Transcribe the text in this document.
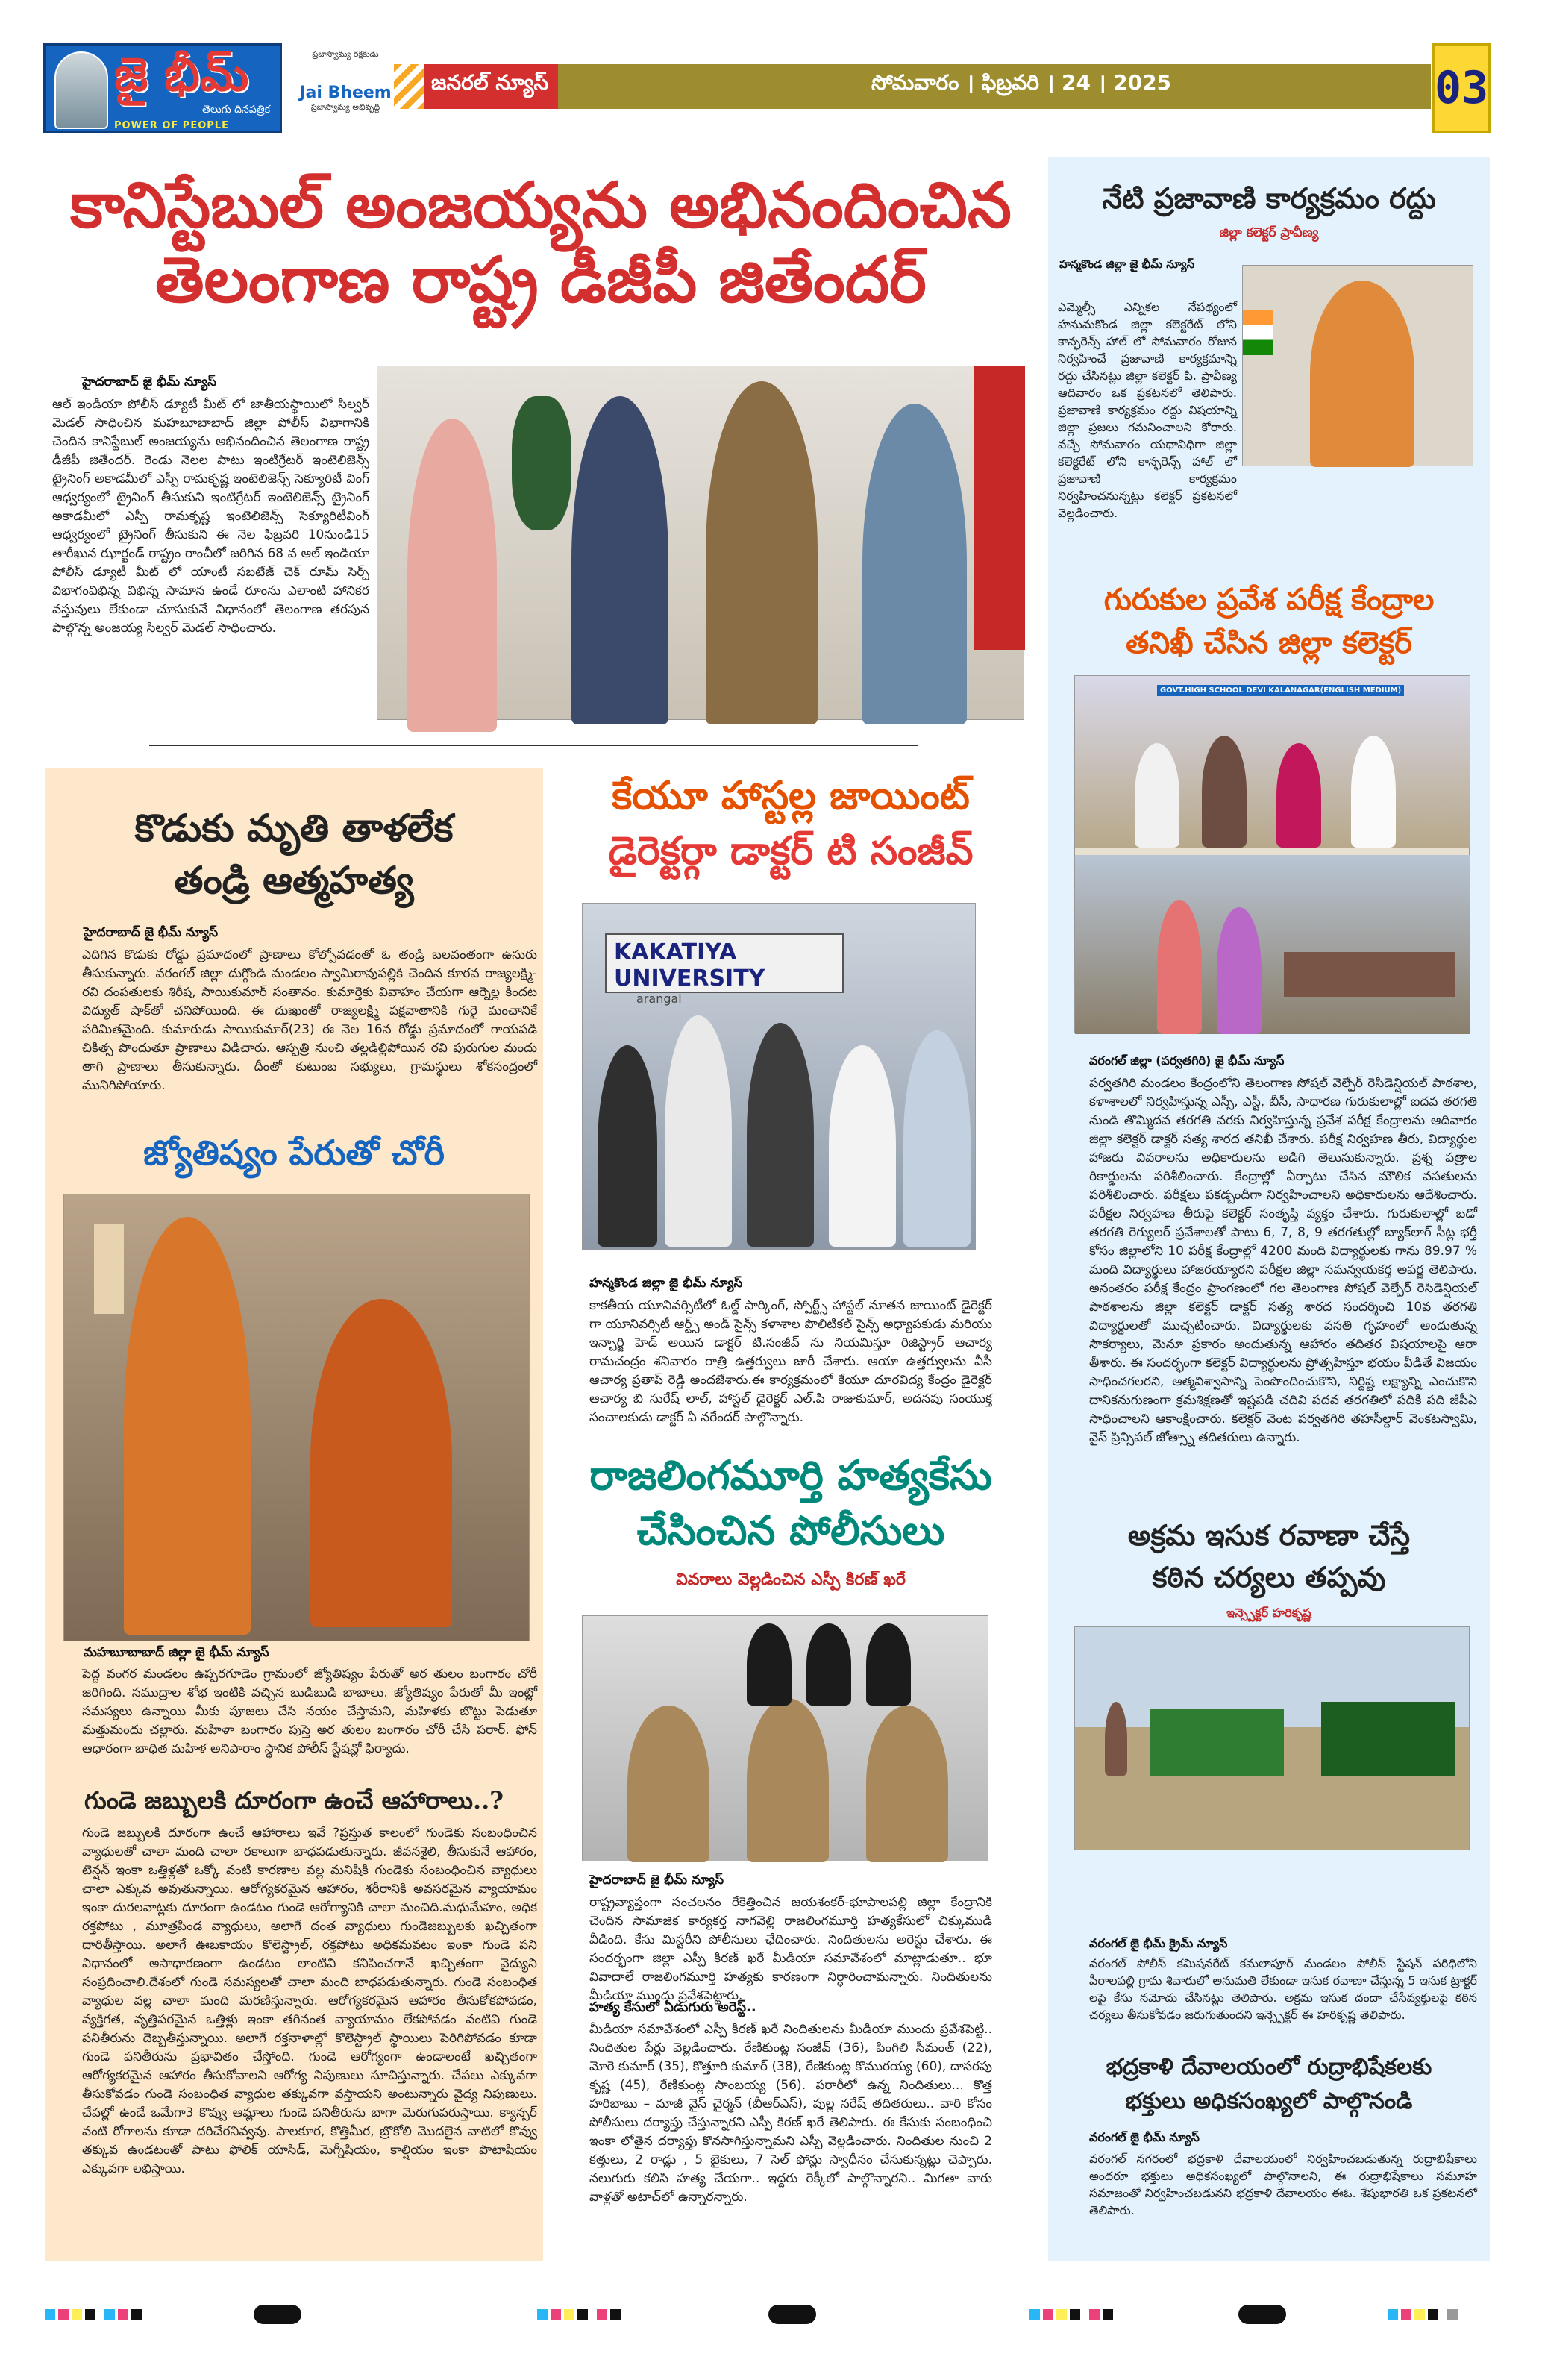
జై భీమ్
తెలుగు దినపత్రిక
POWER OF PEOPLE
ప్రజాస్వామ్య రక్షకుడు
Jai Bheem
ప్రజాస్వామ్య అభివృద్ధి
జనరల్ న్యూస్	సోమవారం । ఫిబ్రవరి । 24 । 2025	03
కానిస్టేబుల్ అంజయ్యను అభినందించిన
తెలంగాణ రాష్ట్ర డీజీపీ జితేందర్
హైదరాబాద్ జై భీమ్ న్యూస్
ఆల్ ఇండియా పోలీస్ డ్యూటీ మీట్ లో జాతీయస్థాయిలో సిల్వర్ మెడల్ సాధించిన మహబూబాబాద్ జిల్లా పోలీస్ విభాగానికి చెందిన కానిస్టేబుల్ అంజయ్యను అభినందించిన తెలంగాణ రాష్ట్ర డీజీపీ జితేందర్. రెండు నెలల పాటు ఇంటిగ్రేటర్ ఇంటెలిజెన్స్ ట్రైనింగ్ అకాడమీలో ఎస్పీ రామకృష్ణ ఇంటెలిజెన్స్ సెక్యూరిటీ వింగ్ ఆధ్వర్యంలో ట్రైనింగ్ తీసుకుని ఇంటిగ్రేటర్ ఇంటెలిజెన్స్ ట్రైనింగ్ అకాడమీలో ఎస్పీ రామకృష్ణ ఇంటెలిజెన్స్ సెక్యూరిటీవింగ్ ఆధ్వర్యంలో ట్రైనింగ్ తీసుకుని ఈ నెల ఫిబ్రవరి 10నుండి15 తారీఖున ఝార్ఖండ్ రాష్ట్రం రాంచీలో జరిగిన 68 వ ఆల్ ఇండియా పోలీస్ డ్యూటీ మీట్ లో యాంటీ సబటేజ్ చెక్ రూమ్ సెర్చ్ విభాగంవిభిన్న విభిన్న సామాన ఉండే రూంను ఎలాంటి హానికర వస్తువులు లేకుండా చూసుకునే విధానంలో తెలంగాణ తరపున పాల్గొన్న అంజయ్య సిల్వర్ మెడల్ సాధించారు.
కొడుకు మృతి తాళలేక
తండ్రి ఆత్మహత్య
హైదరాబాద్ జై భీమ్ న్యూస్
ఎదిగిన కొడుకు రోడ్డు ప్రమాదంలో ప్రాణాలు కోల్పోవడంతో ఓ తండ్రి బలవంతంగా ఉసురు తీసుకున్నారు. వరంగల్ జిల్లా దుగ్గొండి మండలం స్వామిరావుపల్లికి చెందిన కూరవ రాజ్యలక్ష్మి-రవి దంపతులకు శిరీష, సాయికుమార్ సంతానం. కుమార్తెకు వివాహం చేయగా ఆర్నెల్ల కిందట విద్యుత్ షాక్‌తో చనిపోయింది. ఈ దుఃఖంతో రాజ్యలక్ష్మి పక్షవాతానికి గురై మంచానికే పరిమితమైంది. కుమారుడు సాయికుమార్(23) ఈ నెల 16న రోడ్డు ప్రమాదంలో గాయపడి చికిత్స పొందుతూ ప్రాణాలు విడిచారు. ఆస్పత్రి నుంచి తల్లడిల్లిపోయిన రవి పురుగుల మందు తాగి ప్రాణాలు తీసుకున్నారు. దీంతో కుటుంబ సభ్యులు, గ్రామస్థులు శోకసంద్రంలో మునిగిపోయారు.
జ్యోతిష్యం పేరుతో చోరీ
మహబూబాబాద్ జిల్లా జై భీమ్ న్యూస్
పెద్ద వంగర మండలం ఉప్పరగూడెం గ్రామంలో జ్యోతిష్యం పేరుతో అర తులం బంగారం చోరీ జరిగింది. సముద్రాల శోభ ఇంటికి వచ్చిన బుడిబుడి బాబాలు. జ్యోతిష్యం పేరుతో మీ ఇంట్లో సమస్యలు ఉన్నాయి మీకు పూజలు చేసి నయం చేస్తామని, మహిళకు బొట్టు పెడుతూ మత్తుమందు చల్లారు. మహిళా బంగారం పుస్తె అర తులం బంగారం చోరీ చేసి పరార్. ఫోన్ ఆధారంగా బాధిత మహిళ అనిపారాం స్థానిక పోలీస్ స్టేషన్లో ఫిర్యాదు.
గుండె జబ్బులకి దూరంగా ఉంచే ఆహారాలు..?
గుండె జబ్బులకి దూరంగా ఉంచే ఆహారాలు ఇవే ?ప్రస్తుత కాలంలో గుండెకు సంబంధించిన వ్యాధులతో చాలా మంది చాలా రకాలుగా బాధపడుతున్నారు. జీవనశైలి, తీసుకునే ఆహారం, టెన్షన్ ఇంకా ఒత్తిళ్లతో ఒక్కో వంటి కారణాల వల్ల మనిషికి గుండెకు సంబంధించిన వ్యాధులు చాలా ఎక్కువ అవుతున్నాయి. ఆరోగ్యకరమైన ఆహారం, శరీరానికి అవసరమైన వ్యాయామం ఇంకా దురలవాట్లకు దూరంగా ఉండటం గుండె ఆరోగ్యానికి చాలా మంచిది.మధుమేహం, అధిక రక్తపోటు , మూత్రపిండ వ్యాధులు, అలాగే దంత వ్యాధులు గుండెజబ్బులకు ఖచ్చితంగా దారితీస్తాయి. అలాగే ఊబకాయం కొలెస్ట్రాల్, రక్తపోటు అధికమవటం ఇంకా గుండె పని విధానంలో అసాధారణంగా ఉండటం లాంటివి కనిపించగానే ఖచ్చితంగా వైద్యుని సంప్రదించాలి.దేశంలో గుండె సమస్యలతో చాలా మంది బాధపడుతున్నారు. గుండె సంబంధిత వ్యాధుల వల్ల చాలా మంది మరణిస్తున్నారు. ఆరోగ్యకరమైన ఆహారం తీసుకోకపోవడం, వ్యక్తిగత, వృత్తిపరమైన ఒత్తిళ్లు ఇంకా తగినంత వ్యాయామం లేకపోవడం వంటివి గుండె పనితీరును దెబ్బతీస్తున్నాయి. అలాగే రక్తనాళాల్లో కొలెస్ట్రాల్ స్థాయిలు పెరిగిపోవడం కూడా గుండె పనితీరును ప్రభావితం చేస్తోంది. గుండె ఆరోగ్యంగా ఉండాలంటే ఖచ్చితంగా ఆరోగ్యకరమైన ఆహారం తీసుకోవాలని ఆరోగ్య నిపుణులు సూచిస్తున్నారు. చేపలు ఎక్కువగా తీసుకోవడం గుండె సంబంధిత వ్యాధుల తక్కువగా వస్తాయని అంటున్నారు వైద్య నిపుణులు. చేపల్లో ఉండే ఒమేగా3 కొవ్వు ఆమ్లాలు గుండె పనితీరును బాగా మెరుగుపరుస్తాయి. క్యాన్సర్ వంటి రోగాలను కూడా దరిచేరనివ్వవు. పాలకూర, కొత్తిమీర, బ్రొకోలి మొదలైన వాటిలో కొవ్వు తక్కువ ఉండటంతో పాటు ఫోలిక్ యాసిడ్, మెగ్నీషియం, కాల్షియం ఇంకా పొటాషియం ఎక్కువగా లభిస్తాయి.
కేయూ హాస్టల్ల జాయింట్
డైరెక్టర్గా డాక్టర్ టి సంజీవ్
KAKATIYA UNIVERSITY
arangal
హన్మకొండ జిల్లా జై భీమ్ న్యూస్
కాకతీయ యూనివర్సిటీలో ఓల్డ్ పార్కింగ్, స్పోర్ట్స్ హాస్టల్ నూతన జాయింట్ డైరెక్టర్ గా యూనివర్సిటీ ఆర్ట్స్ అండ్ సైన్స్ కళాశాల పొలిటికల్ సైన్స్ అధ్యాపకుడు మరియు ఇన్చార్జి హెడ్ అయిన డాక్టర్ టి.సంజీవ్ ను నియమిస్తూ రిజిస్ట్రార్ ఆచార్య రామచంద్రం శనివారం రాత్రి ఉత్తర్వులు జారీ చేశారు. ఆయా ఉత్తర్వులను వీసీ ఆచార్య ప్రతాప్ రెడ్డి అందజేశారు.ఈ కార్యక్రమంలో కేయూ దూరవిద్య కేంద్రం డైరెక్టర్ ఆచార్య బి సురేష్ లాల్, హాస్టల్ డైరెక్టర్ ఎల్.పి రాజుకుమార్, అదనపు సంయుక్త సంచాలకుడు డాక్టర్ ఏ నరేందర్ పాల్గొన్నారు.
రాజలింగమూర్తి హత్యకేసు
చేసించిన పోలీసులు
వివరాలు వెల్లడించిన ఎస్పీ కిరణ్ ఖరే
హైదరాబాద్ జై భీమ్ న్యూస్
రాష్ట్రవ్యాప్తంగా సంచలనం రేకెత్తించిన జయశంకర్-భూపాలపల్లి జిల్లా కేంద్రానికి చెందిన సామాజిక కార్యకర్త నాగవెల్లి రాజలింగమూర్తి హత్యకేసులో చిక్కుముడి వీడింది. కేసు మిస్టరీని పోలీసులు ఛేదించారు. నిందితులను అరెస్టు చేశారు. ఈ సందర్భంగా జిల్లా ఎస్పీ కిరణ్ ఖరే మీడియా సమావేశంలో మాట్లాడుతూ.. భూ వివాదాలే రాజలింగమూర్తి హత్యకు కారణంగా నిర్ధారించామన్నారు. నిందితులను మీడియా ముందు ప్రవేశపెట్టారు.
హత్య కేసులో ఏడుగురు అరెస్ట్..
మీడియా సమావేశంలో ఎస్పీ కిరణ్ ఖరే నిందితులను మీడియా ముందు ప్రవేశపెట్టి.. నిందితుల పేర్లు వెల్లడించారు. రేణికుంట్ల సంజీవ్ (36), పింగిలి సీమంత్ (22), మోరె కుమార్ (35), కొత్తూరి కుమార్ (38), రేణికుంట్ల కొమురయ్య (60), దాసరపు కృష్ణ (45), రేణికుంట్ల సాంబయ్య (56). పరారీలో ఉన్న నిందితులు... కొత్త హరిబాబు – మాజీ వైస్ చైర్మన్ (బీఆర్ఎస్), పుల్ల నరేష్ తదితరులు.. వారి కోసం పోలీసులు దర్యాప్తు చేస్తున్నారని ఎస్పీ కిరణ్ ఖరే తెలిపారు. ఈ కేసుకు సంబంధించి ఇంకా లోతైన దర్యాప్తు కొనసాగిస్తున్నామని ఎస్పీ వెల్లడించారు. నిందితుల నుంచి 2 కత్తులు, 2 రాడ్లు , 5 బైకులు, 7 సెల్ ఫోన్లు స్వాధీనం చేసుకున్నట్లు చెప్పారు. నలుగురు కలిసి హత్య చేయగా.. ఇద్దరు రెక్కీలో పాల్గొన్నారని.. మిగతా వారు వాళ్లతో అటాచ్‌లో ఉన్నారన్నారు.
నేటి ప్రజావాణి కార్యక్రమం రద్దు
జిల్లా కలెక్టర్ ప్రావీణ్య
హన్మకొండ జిల్లా జై భీమ్ న్యూస్
ఎమ్మెల్సీ ఎన్నికల నేపథ్యంలో హనుమకొండ జిల్లా కలెక్టరేట్ లోని కాన్ఫరెన్స్ హాల్ లో సోమవారం రోజున నిర్వహించే ప్రజావాణి కార్యక్రమాన్ని రద్దు చేసినట్లు జిల్లా కలెక్టర్ పి. ప్రావీణ్య ఆదివారం ఒక ప్రకటనలో తెలిపారు. ప్రజావాణి కార్యక్రమం రద్దు విషయాన్ని జిల్లా ప్రజలు గమనించాలని కోరారు. వచ్చే సోమవారం యథావిధిగా జిల్లా కలెక్టరేట్ లోని కాన్ఫరెన్స్ హాల్ లో ప్రజావాణి కార్యక్రమం నిర్వహించనున్నట్లు కలెక్టర్ ప్రకటనలో వెల్లడించారు.
గురుకుల ప్రవేశ పరీక్ష కేంద్రాల
తనిఖీ చేసిన జిల్లా కలెక్టర్
GOVT.HIGH SCHOOL DEVI KALANAGAR(ENGLISH MEDIUM)
వరంగల్ జిల్లా (పర్వతగిరి) జై భీమ్ న్యూస్
పర్వతగిరి మండలం కేంద్రంలోని తెలంగాణ సోషల్ వెల్ఫేర్ రెసిడెన్షియల్ పాఠశాల, కళాశాలలో నిర్వహిస్తున్న ఎస్సీ, ఎస్టీ, బీసీ, సాధారణ గురుకులాల్లో ఐదవ తరగతి నుండి తొమ్మిదవ తరగతి వరకు నిర్వహిస్తున్న ప్రవేశ పరీక్ష కేంద్రాలను ఆదివారం జిల్లా కలెక్టర్ డాక్టర్ సత్య శారద తనిఖీ చేశారు. పరీక్ష నిర్వహణ తీరు, విద్యార్థుల హాజరు వివరాలను అధికారులను అడిగి తెలుసుకున్నారు. ప్రశ్న పత్రాల రికార్డులను పరిశీలించారు. కేంద్రాల్లో ఏర్పాటు చేసిన మౌలిక వసతులను పరిశీలించారు. పరీక్షలు పకడ్బందీగా నిర్వహించాలని అధికారులను ఆదేశించారు. పరీక్షల నిర్వహణ తీరుపై కలెక్టర్ సంతృప్తి వ్యక్తం చేశారు. గురుకులాల్లో బడో తరగతి రెగ్యులర్ ప్రవేశాలతో పాటు 6, 7, 8, 9 తరగతుల్లో బ్యాక్‌లాగ్ సీట్ల భర్తీ కోసం జిల్లాలోని 10 పరీక్ష కేంద్రాల్లో 4200 మంది విద్యార్థులకు గాను 89.97 % మంది విద్యార్థులు హాజరయ్యారని పరీక్షల జిల్లా సమన్వయకర్త అపర్ణ తెలిపారు. అనంతరం పరీక్ష కేంద్రం ప్రాంగణంలో గల తెలంగాణ సోషల్ వెల్ఫేర్ రెసిడెన్షియల్ పాఠశాలను జిల్లా కలెక్టర్ డాక్టర్ సత్య శారద సందర్శించి 10వ తరగతి విద్యార్థులతో ముచ్చటించారు. విద్యార్థులకు వసతి గృహంలో అందుతున్న సౌకర్యాలు, మెనూ ప్రకారం అందుతున్న ఆహారం తదితర విషయాలపై ఆరా తీశారు. ఈ సందర్భంగా కలెక్టర్ విద్యార్థులను ప్రోత్సహిస్తూ భయం వీడితే విజయం సాధించగలరని, ఆత్మవిశ్వాసాన్ని పెంపొందించుకొని, నిర్దిష్ట లక్ష్యాన్ని ఎంచుకొని దానికనుగుణంగా క్రమశిక్షణతో ఇష్టపడి చదివి పదవ తరగతిలో పదికి పది జీపీఏ సాధించాలని ఆకాంక్షించారు. కలెక్టర్ వెంట పర్వతగిరి తహసీల్దార్ వెంకటస్వామి, వైస్ ప్రిన్సిపల్ జోత్స్నా తదితరులు ఉన్నారు.
అక్రమ ఇసుక రవాణా చేస్తే
కఠిన చర్యలు తప్పవు
ఇన్స్పెక్టర్ హరికృష్ణ
వరంగల్ జై భీమ్ క్రైమ్ న్యూస్
వరంగల్ పోలీస్ కమిషనరేట్ కమలాపూర్ మండలం పోలీస్ స్టేషన్ పరిధిలోని పీరాలపల్లి గ్రామ శివారులో అనుమతి లేకుండా ఇసుక రవాణా చేస్తున్న 5 ఇసుక ట్రాక్టర్ లపై కేసు నమోదు చేసినట్లు తెలిపారు. అక్రమ ఇసుక దందా చేసేవ్యక్తులపై కఠిన చర్యలు తీసుకోవడం జరుగుతుందని ఇన్స్పెక్టర్ ఈ హరికృష్ణ తెలిపారు.
భద్రకాళి దేవాలయంలో రుద్రాభిషేకలకు
భక్తులు అధికసంఖ్యలో పాల్గొనండి
వరంగల్ జై భీమ్ న్యూస్
వరంగల్ నగరంలో భద్రకాళి దేవాలయంలో నిర్వహించబడుతున్న రుద్రాభిషేకాలు అందరూ భక్తులు అధికసంఖ్యలో పాల్గొనాలని, ఈ రుద్రాభిషేకాలు సమూహ సమాజంతో నిర్వహించబడునని భద్రకాళి దేవాలయం ఈఓ. శేషుభారతి ఒక ప్రకటనలో తెలిపారు.
